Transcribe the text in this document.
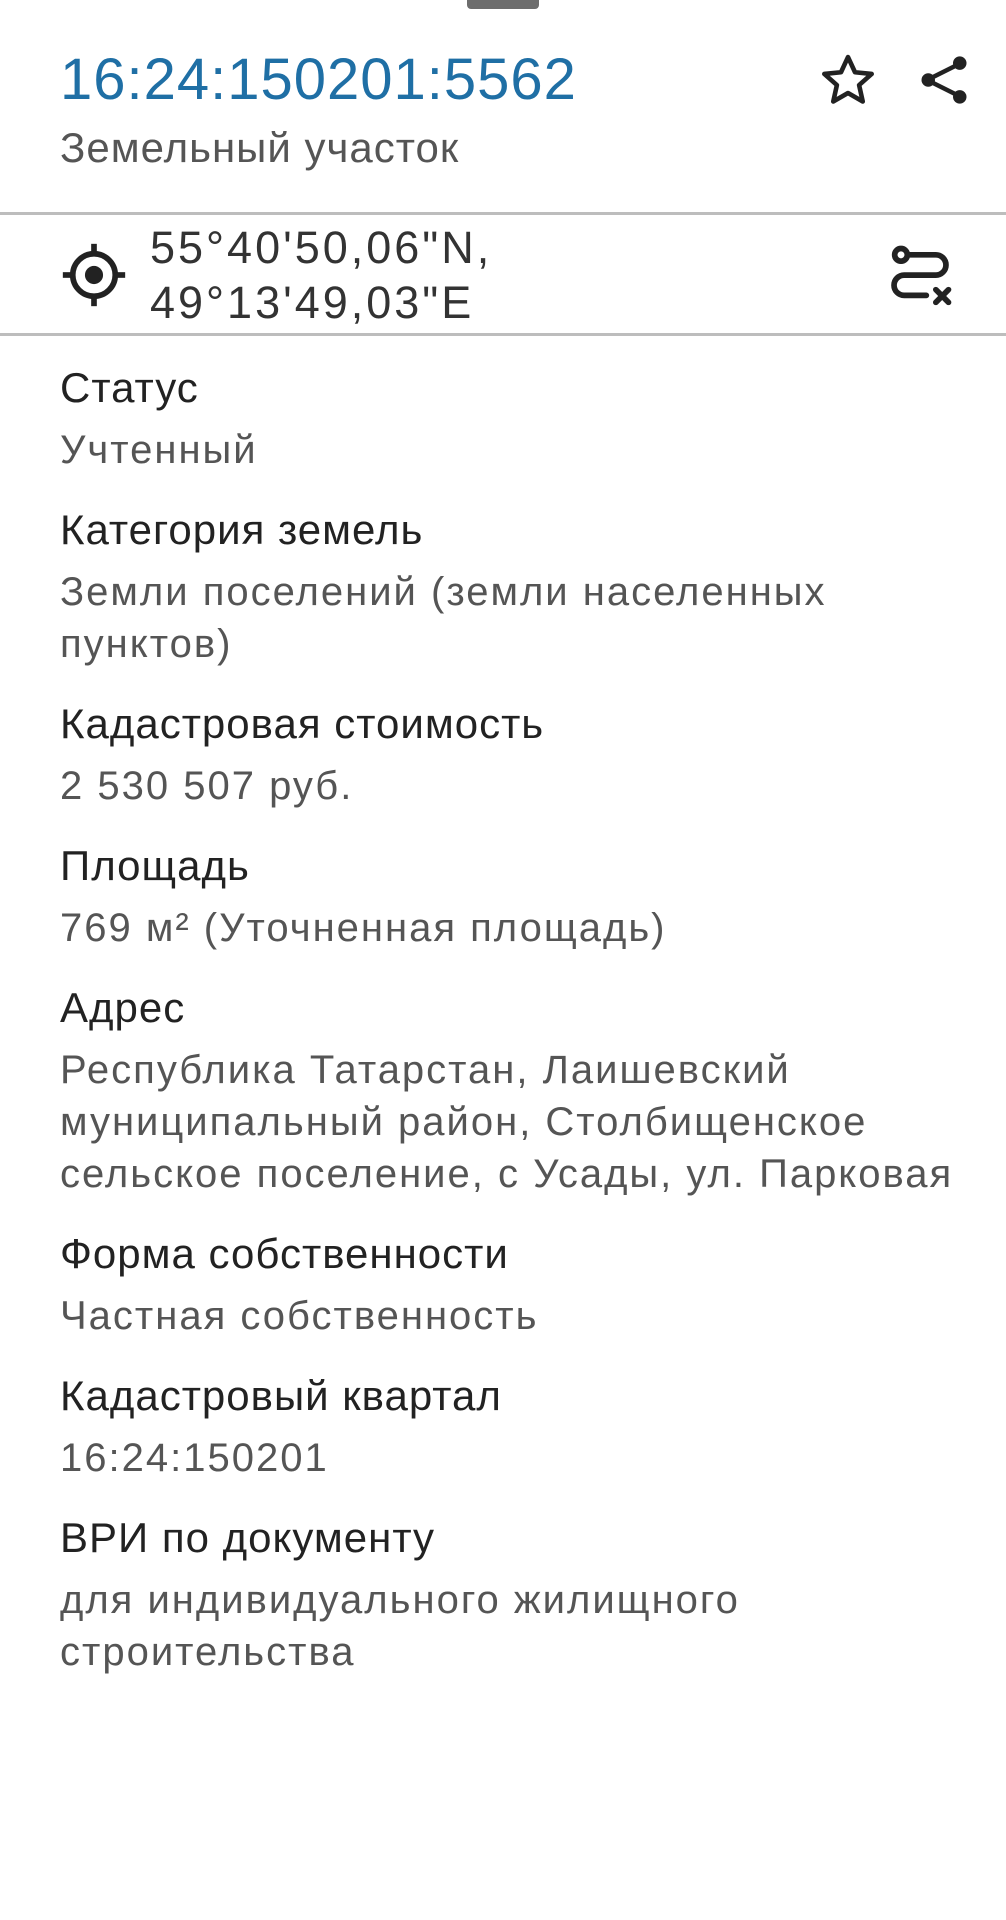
16:24:150201:5562
Земельный участок
55°40'50,06"N,
49°13'49,03"E
Статус
Учтенный
Категория земель
Земли поселений (земли населенных пунктов)
Кадастровая стоимость
2 530 507 руб.
Площадь
769 м² (Уточненная площадь)
Адрес
Республика Татарстан, Лаишевский муниципальный район, Столбищенское сельское поселение, с Усады, ул. Парковая
Форма собственности
Частная собственность
Кадастровый квартал
16:24:150201
ВРИ по документу
для индивидуального жилищного строительства
